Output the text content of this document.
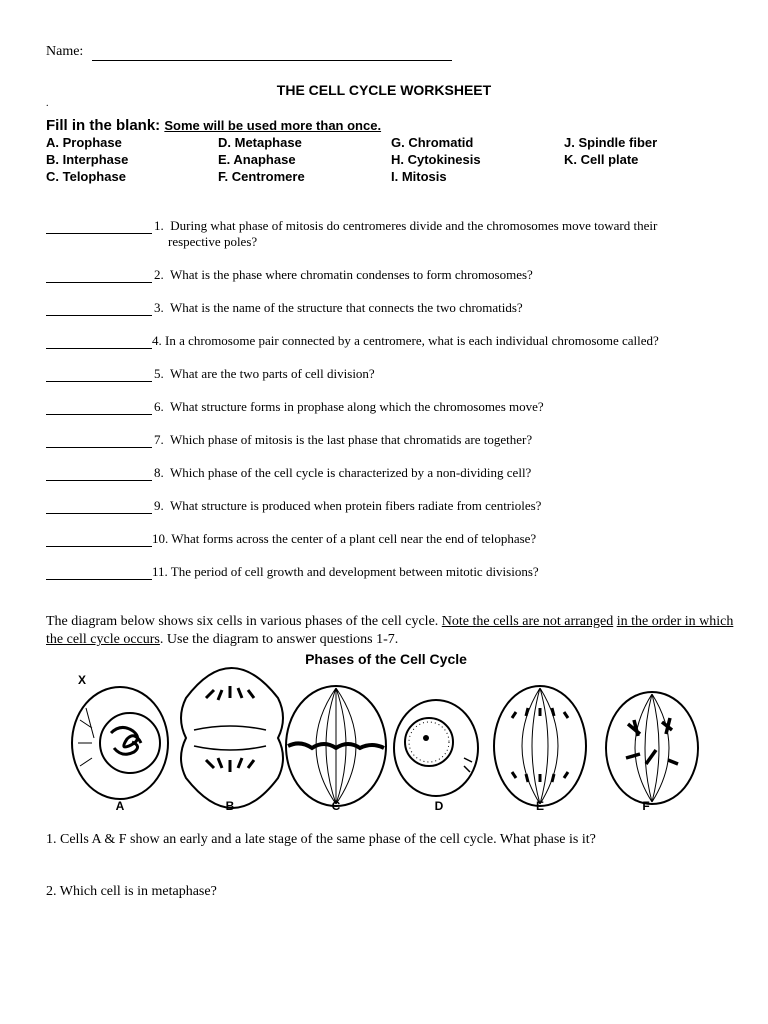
Name:
THE CELL CYCLE WORKSHEET
.
Fill in the blank: Some will be used more than once.
A. Prophase	D. Metaphase	G. Chromatid	J. Spindle fiber
B. Interphase	E. Anaphase	H. Cytokinesis	K. Cell plate
C. Telophase	F. Centromere	I. Mitosis
1. During what phase of mitosis do centromeres divide and the chromosomes move toward their
respective poles?
2. What is the phase where chromatin condenses to form chromosomes?
3. What is the name of the structure that connects the two chromatids?
4. In a chromosome pair connected by a centromere, what is each individual chromosome called?
5. What are the two parts of cell division?
6. What structure forms in prophase along which the chromosomes move?
7. Which phase of mitosis is the last phase that chromatids are together?
8. Which phase of the cell cycle is characterized by a non-dividing cell?
9. What structure is produced when protein fibers radiate from centrioles?
10. What forms across the center of a plant cell near the end of telophase?
11. The period of cell growth and development between mitotic divisions?
The diagram below shows six cells in various phases of the cell cycle. Note the cells are not arranged in the order in which the cell cycle occurs. Use the diagram to answer questions 1-7.
Phases of the Cell Cycle
X
A	B	C	D	E	F
1. Cells A & F show an early and a late stage of the same phase of the cell cycle. What phase is it?
2. Which cell is in metaphase?
